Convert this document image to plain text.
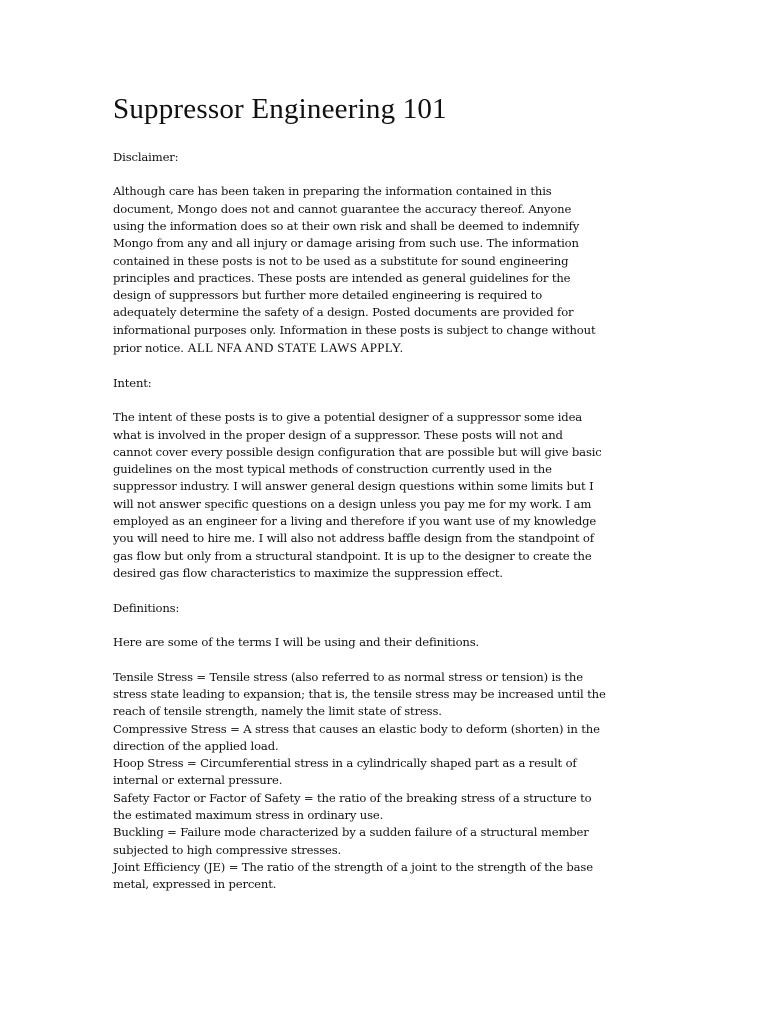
Suppressor Engineering 101

Disclaimer:

Although care has been taken in preparing the information contained in this
document, Mongo does not and cannot guarantee the accuracy thereof. Anyone
using the information does so at their own risk and shall be deemed to indemnify
Mongo from any and all injury or damage arising from such use. The information
contained in these posts is not to be used as a substitute for sound engineering
principles and practices. These posts are intended as general guidelines for the
design of suppressors but further more detailed engineering is required to
adequately determine the safety of a design. Posted documents are provided for
informational purposes only. Information in these posts is subject to change without
prior notice. ALL NFA AND STATE LAWS APPLY.

Intent:

The intent of these posts is to give a potential designer of a suppressor some idea
what is involved in the proper design of a suppressor. These posts will not and
cannot cover every possible design configuration that are possible but will give basic
guidelines on the most typical methods of construction currently used in the
suppressor industry. I will answer general design questions within some limits but I
will not answer specific questions on a design unless you pay me for my work. I am
employed as an engineer for a living and therefore if you want use of my knowledge
you will need to hire me. I will also not address baffle design from the standpoint of
gas flow but only from a structural standpoint. It is up to the designer to create the
desired gas flow characteristics to maximize the suppression effect.

Definitions:

Here are some of the terms I will be using and their definitions.

Tensile Stress = Tensile stress (also referred to as normal stress or tension) is the
stress state leading to expansion; that is, the tensile stress may be increased until the
reach of tensile strength, namely the limit state of stress.
Compressive Stress = A stress that causes an elastic body to deform (shorten) in the
direction of the applied load.
Hoop Stress = Circumferential stress in a cylindrically shaped part as a result of
internal or external pressure.
Safety Factor or Factor of Safety = the ratio of the breaking stress of a structure to
the estimated maximum stress in ordinary use.
Buckling = Failure mode characterized by a sudden failure of a structural member
subjected to high compressive stresses.
Joint Efficiency (JE) = The ratio of the strength of a joint to the strength of the base
metal, expressed in percent.
